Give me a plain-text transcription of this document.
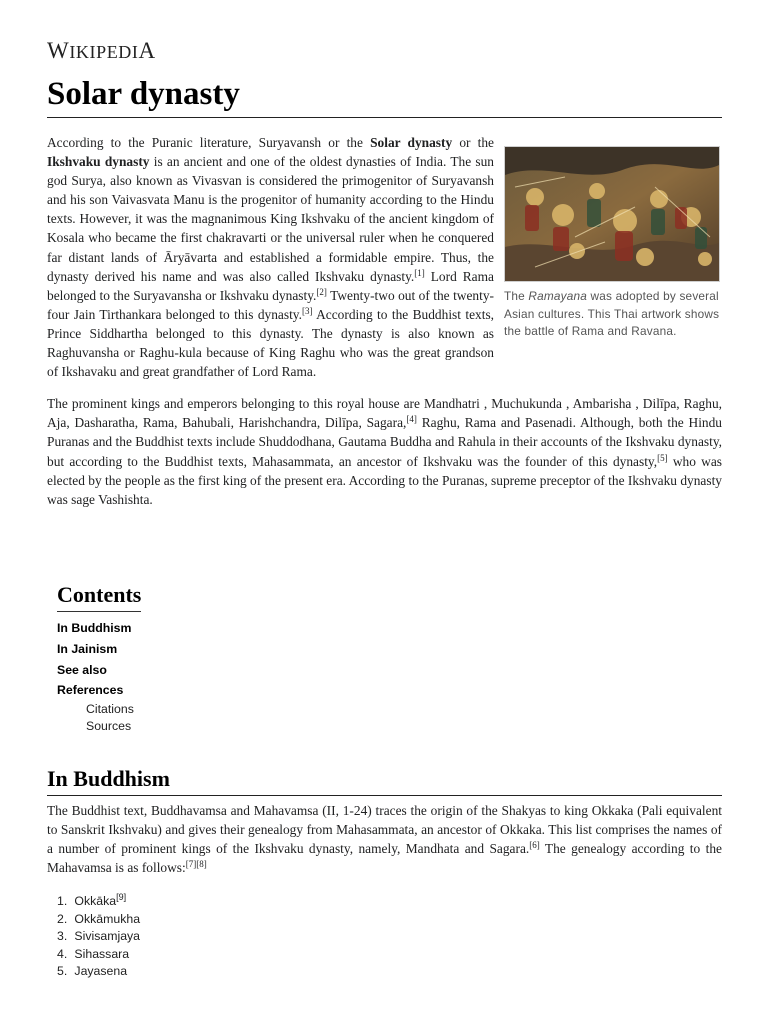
WIKIPEDIA
Solar dynasty
The Ramayana was adopted by several Asian cultures. This Thai artwork shows the battle of Rama and Ravana.

According to the Puranic literature, Suryavansh or the Solar dynasty or the Ikshvaku dynasty is an ancient and one of the oldest dynasties of India. The sun god Surya, also known as Vivasvan is considered the primogenitor of Suryavansh and his son Vaivasvata Manu is the progenitor of humanity according to the Hindu texts. However, it was the magnanimous King Ikshvaku of the ancient kingdom of Kosala who became the first chakravarti or the universal ruler when he conquered far distant lands of Āryāvarta and established a formidable empire. Thus, the dynasty derived his name and was also called Ikshvaku dynasty.[1] Lord Rama belonged to the Suryavansha or Ikshvaku dynasty.[2] Twenty-two out of the twenty-four Jain Tirthankara belonged to this dynasty.[3] According to the Buddhist texts, Prince Siddhartha belonged to this dynasty. The dynasty is also known as Raghuvansha or Raghu-kula because of King Raghu who was the great grandson of Ikshavaku and great grandfather of Lord Rama.

The prominent kings and emperors belonging to this royal house are Mandhatri , Muchukunda , Ambarisha , Dilīpa, Raghu, Aja, Dasharatha, Rama, Bahubali, Harishchandra, Dilīpa, Sagara,[4] Raghu, Rama and Pasenadi. Although, both the Hindu Puranas and the Buddhist texts include Shuddodhana, Gautama Buddha and Rahula in their accounts of the Ikshvaku dynasty, but according to the Buddhist texts, Mahasammata, an ancestor of Ikshvaku was the founder of this dynasty,[5] who was elected by the people as the first king of the present era. According to the Puranas, supreme preceptor of the Ikshvaku dynasty was sage Vashishta.

Contents
In Buddhism
In Jainism
See also
References
Citations
Sources
In Buddhism

The Buddhist text, Buddhavamsa and Mahavamsa (II, 1-24) traces the origin of the Shakyas to king Okkaka (Pali equivalent to Sanskrit Ikshvaku) and gives their genealogy from Mahasammata, an ancestor of Okkaka. This list comprises the names of a number of prominent kings of the Ikshvaku dynasty, namely, Mandhata and Sagara.[6] The genealogy according to the Mahavamsa is as follows:[7][8]

1. Okkāka[9]
2. Okkāmukha
3. Sivisamjaya
4. Sihassara
5. Jayasena
